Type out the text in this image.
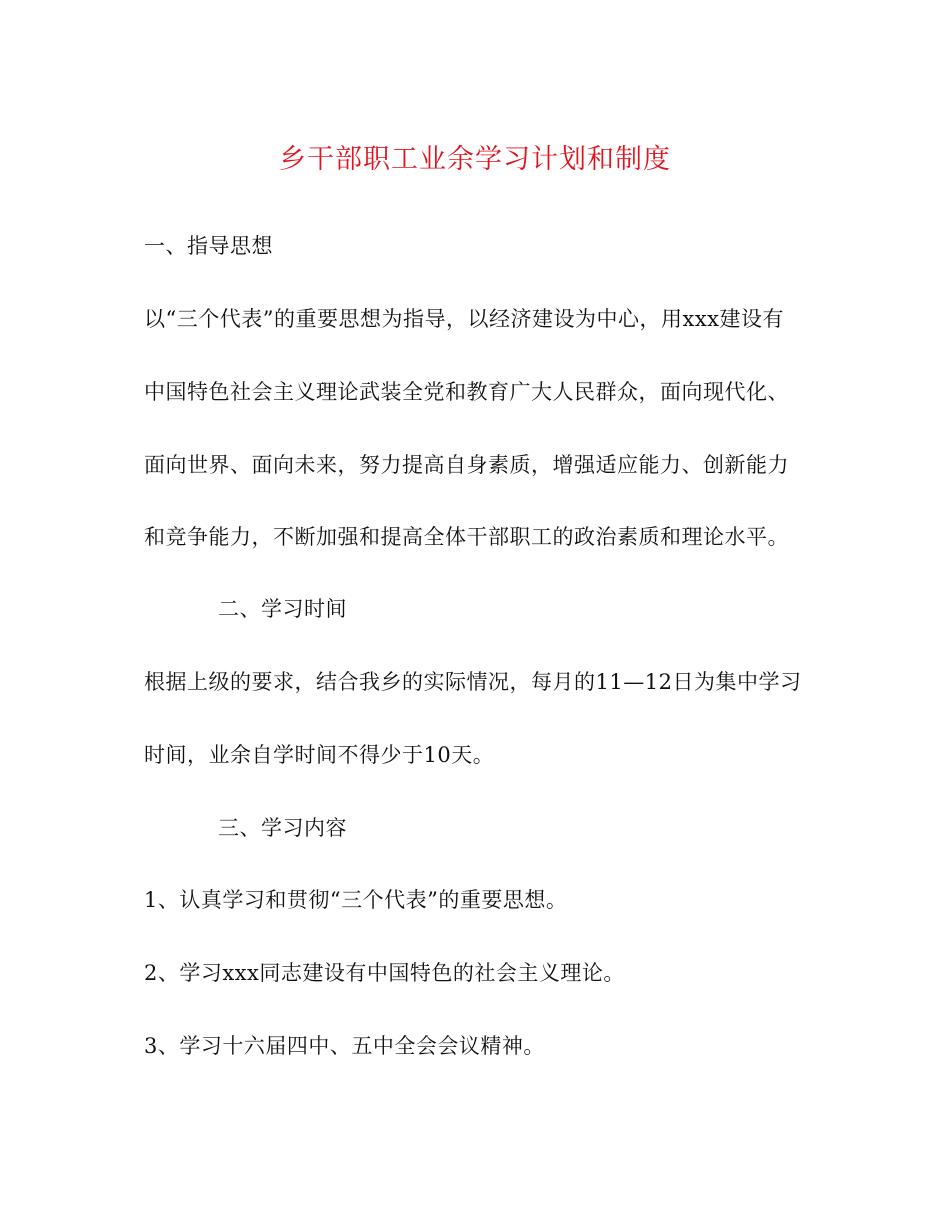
乡干部职工业余学习计划和制度
一、指导思想
以“三个代表”的重要思想为指导，以经济建设为中心，用xxx建设有
中国特色社会主义理论武装全党和教育广大人民群众，面向现代化、
面向世界、面向未来，努力提高自身素质，增强适应能力、创新能力
和竞争能力，不断加强和提高全体干部职工的政治素质和理论水平。
二、学习时间
根据上级的要求，结合我乡的实际情况，每月的11—12日为集中学习
时间，业余自学时间不得少于10天。
三、学习内容
1、认真学习和贯彻“三个代表”的重要思想。
2、学习xxx同志建设有中国特色的社会主义理论。
3、学习十六届四中、五中全会会议精神。
